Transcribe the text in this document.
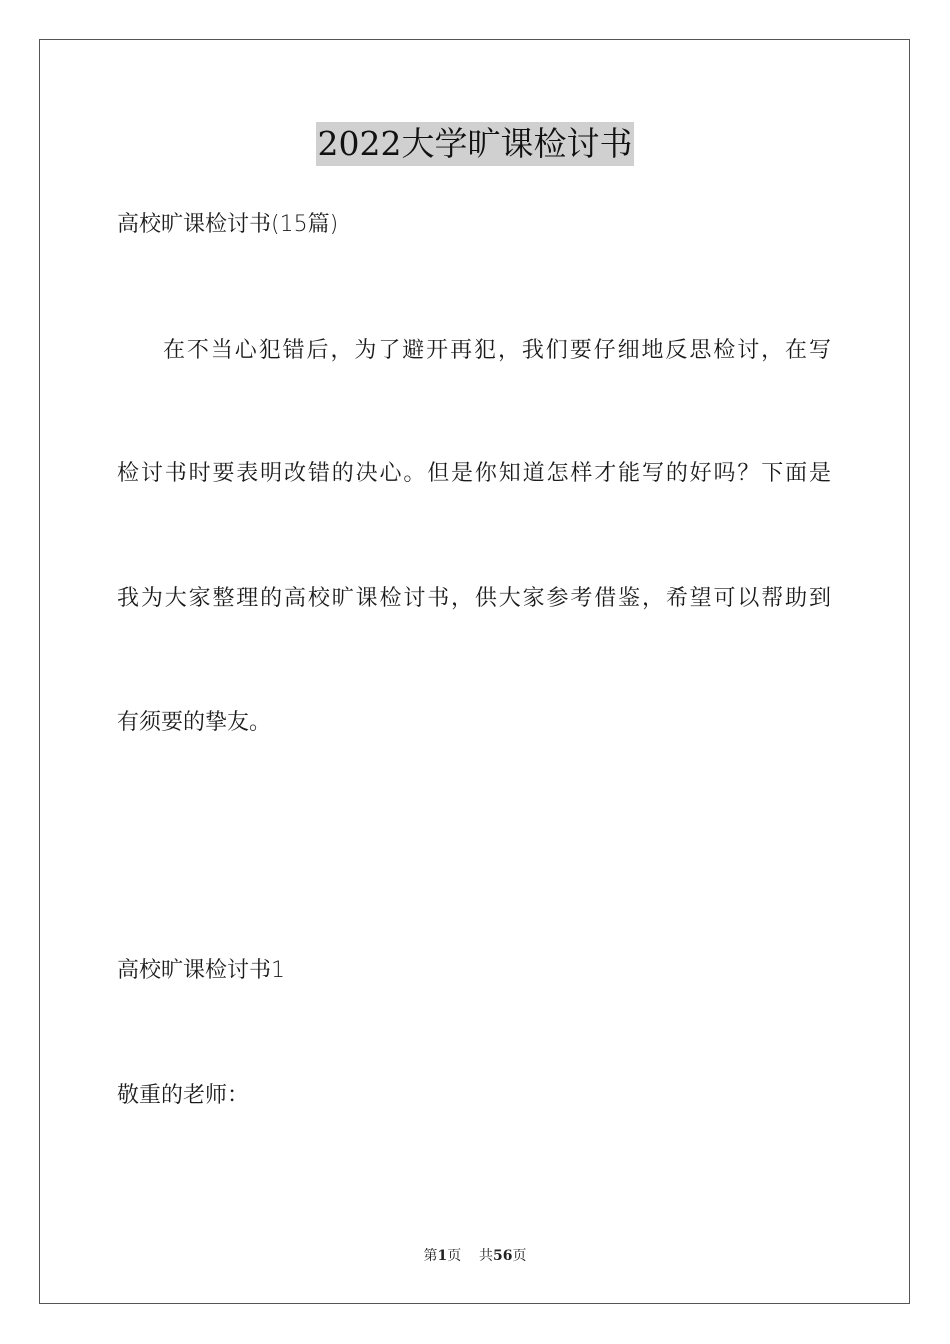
2022大学旷课检讨书
高校旷课检讨书(15篇)
在不当心犯错后，为了避开再犯，我们要仔细地反思检讨，在写
检讨书时要表明改错的决心。但是你知道怎样才能写的好吗？下面是
我为大家整理的高校旷课检讨书，供大家参考借鉴，希望可以帮助到
有须要的挚友。
高校旷课检讨书1
敬重的老师：
第1页 共56页
